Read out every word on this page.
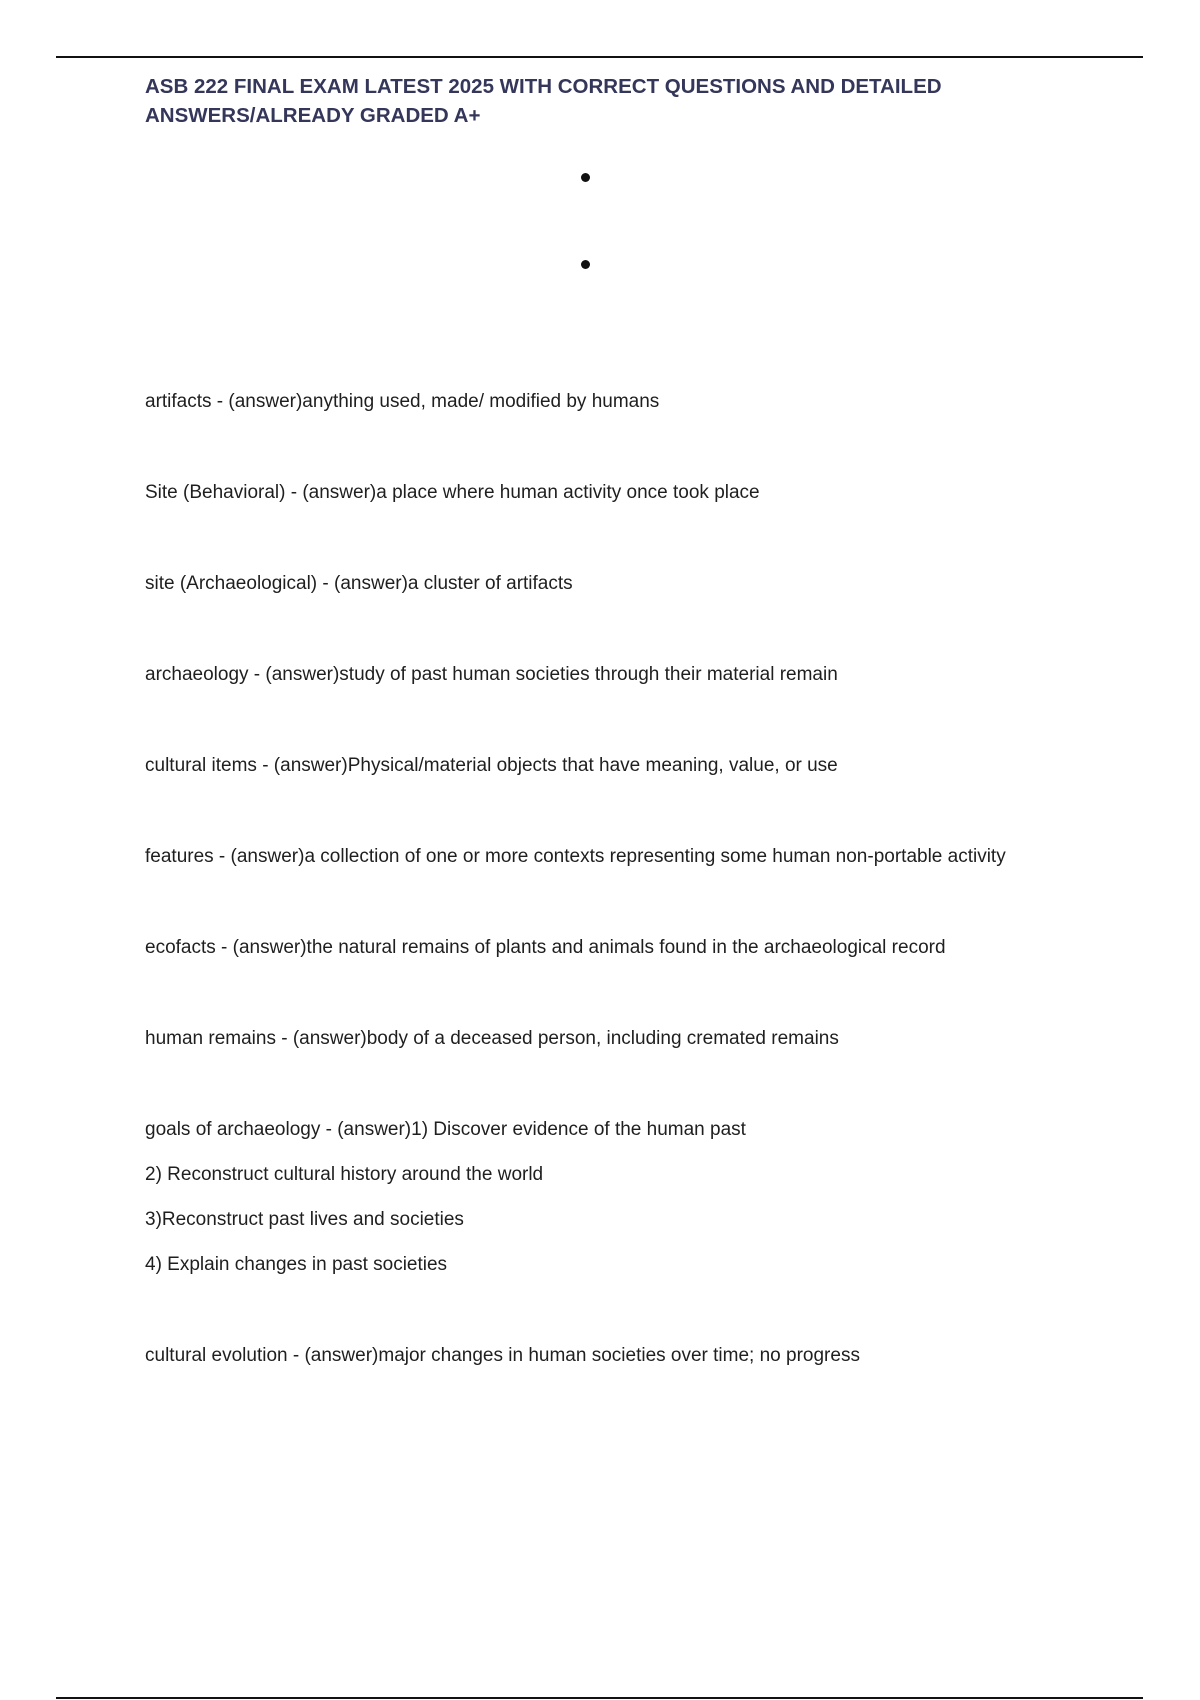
ASB 222 FINAL EXAM LATEST 2025 WITH CORRECT QUESTIONS AND DETAILED ANSWERS/ALREADY GRADED A+

artifacts - (answer)anything used, made/ modified by humans

Site (Behavioral) - (answer)a place where human activity once took place

site (Archaeological) - (answer)a cluster of artifacts

archaeology - (answer)study of past human societies through their material remain

cultural items - (answer)Physical/material objects that have meaning, value, or use

features - (answer)a collection of one or more contexts representing some human non-portable activity

ecofacts - (answer)the natural remains of plants and animals found in the archaeological record

human remains - (answer)body of a deceased person, including cremated remains

goals of archaeology - (answer)1) Discover evidence of the human past
2) Reconstruct cultural history around the world
3)Reconstruct past lives and societies
4) Explain changes in past societies

cultural evolution - (answer)major changes in human societies over time; no progress
